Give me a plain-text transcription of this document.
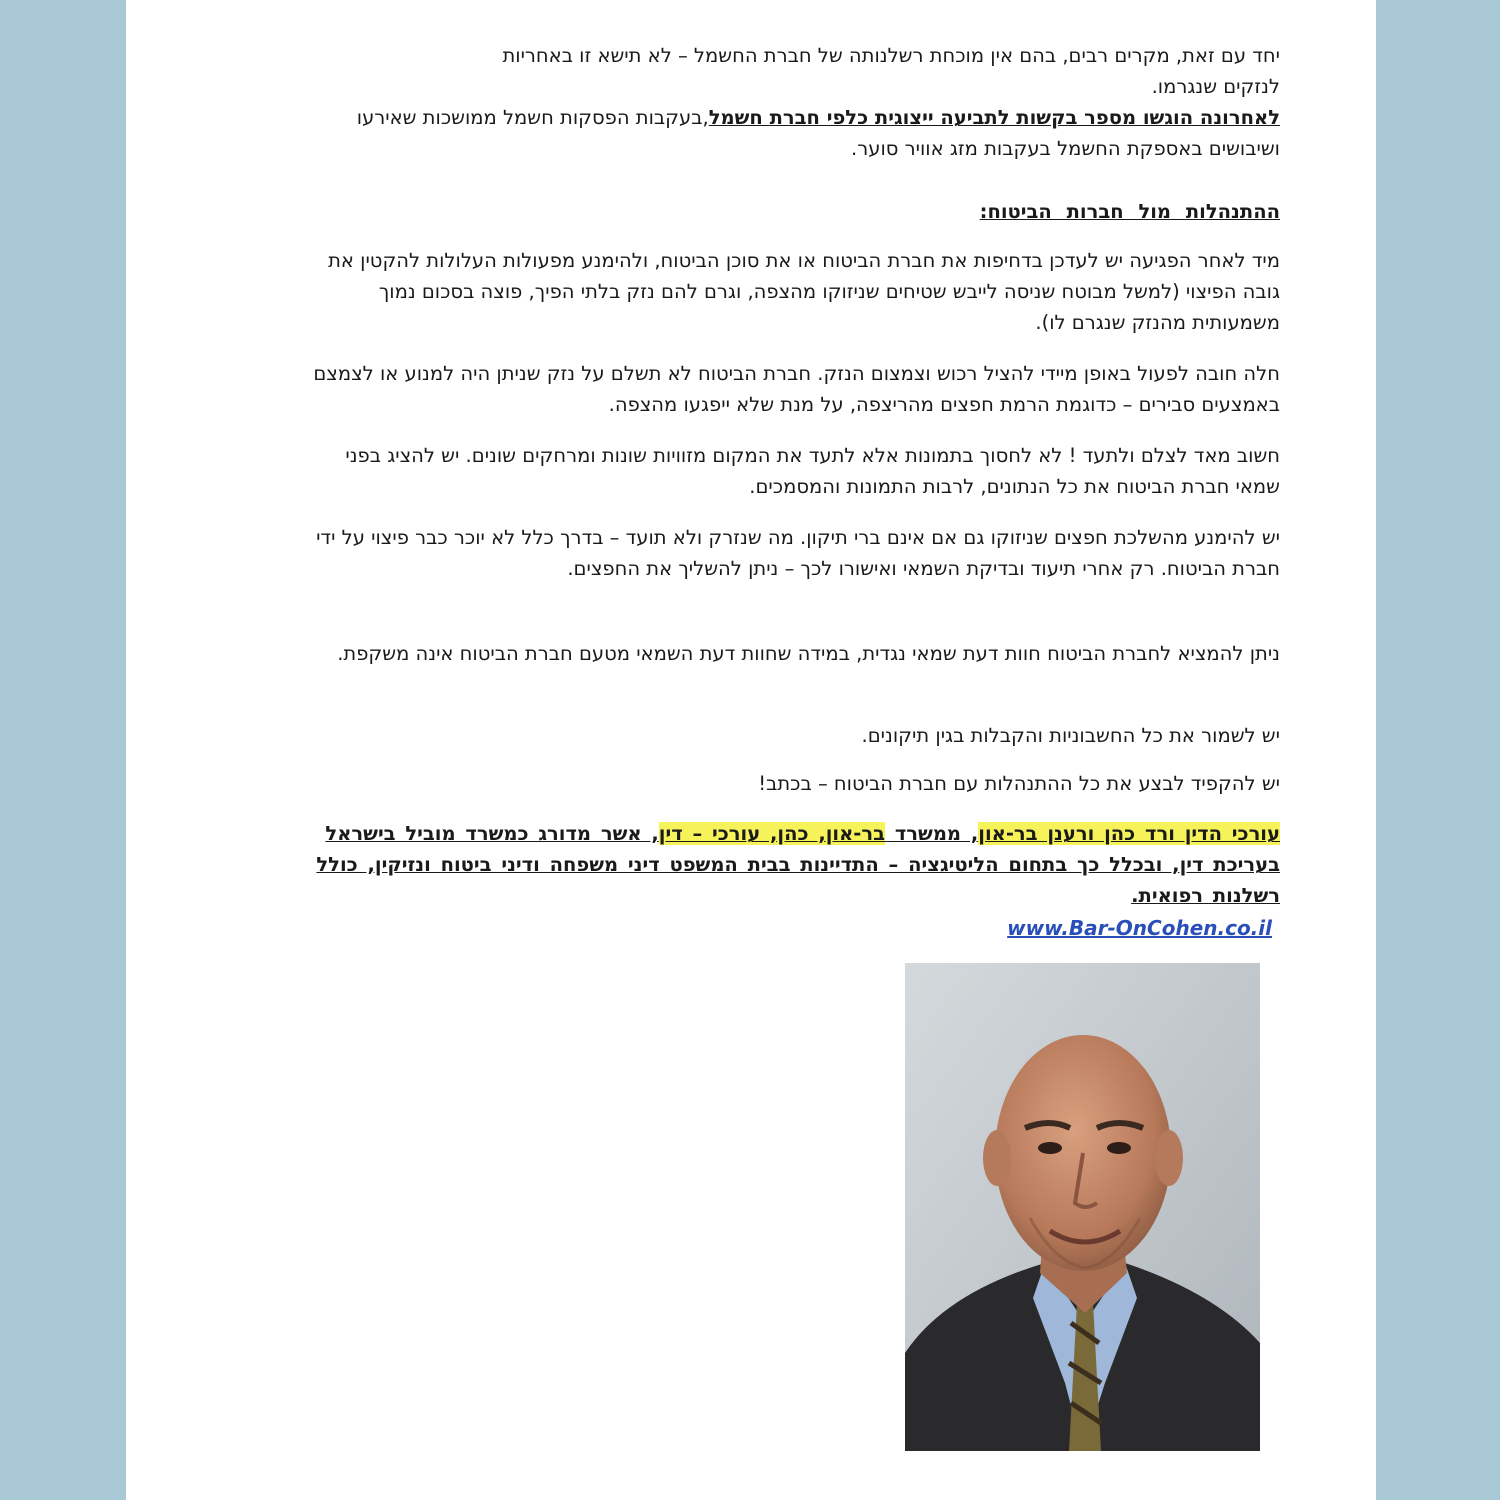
יחד עם זאת, מקרים רבים, בהם אין מוכחת רשלנותה של חברת החשמל – לא תישא זו באחריות
לנזקים שנגרמו.
לאחרונה הוגשו מספר בקשות לתביעה ייצוגית כלפי חברת חשמל,בעקבות הפסקות חשמל ממושכות שאירעו ושיבושים באספקת החשמל בעקבות מזג אוויר סוער.

ההתנהלות מול חברות הביטוח:

מיד לאחר הפגיעה יש לעדכן בדחיפות את חברת הביטוח או את סוכן הביטוח, ולהימנע מפעולות העלולות להקטין את גובה הפיצוי (למשל מבוטח שניסה לייבש שטיחים שניזוקו מהצפה, וגרם להם נזק בלתי הפיך, פוצה בסכום נמוך משמעותית מהנזק שנגרם לו).

חלה חובה לפעול באופן מיידי להציל רכוש וצמצום הנזק. חברת הביטוח לא תשלם על נזק שניתן היה למנוע או לצמצם באמצעים סבירים – כדוגמת הרמת חפצים מהריצפה, על מנת שלא ייפגעו מהצפה.

חשוב מאד לצלם ולתעד ! לא לחסוך בתמונות אלא לתעד את המקום מזוויות שונות ומרחקים שונים. יש להציג בפני שמאי חברת הביטוח את כל הנתונים, לרבות התמונות והמסמכים.

יש להימנע מהשלכת חפצים שניזוקו גם אם אינם ברי תיקון. מה שנזרק ולא תועד – בדרך כלל לא יוכר כבר פיצוי על ידי חברת הביטוח. רק אחרי תיעוד ובדיקת השמאי ואישורו לכך – ניתן להשליך את החפצים.

ניתן להמציא לחברת הביטוח חוות דעת שמאי נגדית, במידה שחוות דעת השמאי מטעם חברת הביטוח אינה משקפת.

יש לשמור את כל החשבוניות והקבלות בגין תיקונים.

יש להקפיד לבצע את כל ההתנהלות עם חברת הביטוח – בכתב!

עורכי הדין ורד כהן ורענן בר-און, ממשרד בר-און, כהן, עורכי – דין, אשר מדורג כמשרד מוביל בישראל בעריכת דין, ובכלל כך בתחום הליטיגציה – התדיינות בבית המשפט דיני משפחה ודיני ביטוח ונזיקין, כולל רשלנות רפואית.

www.Bar-OnCohen.co.il
